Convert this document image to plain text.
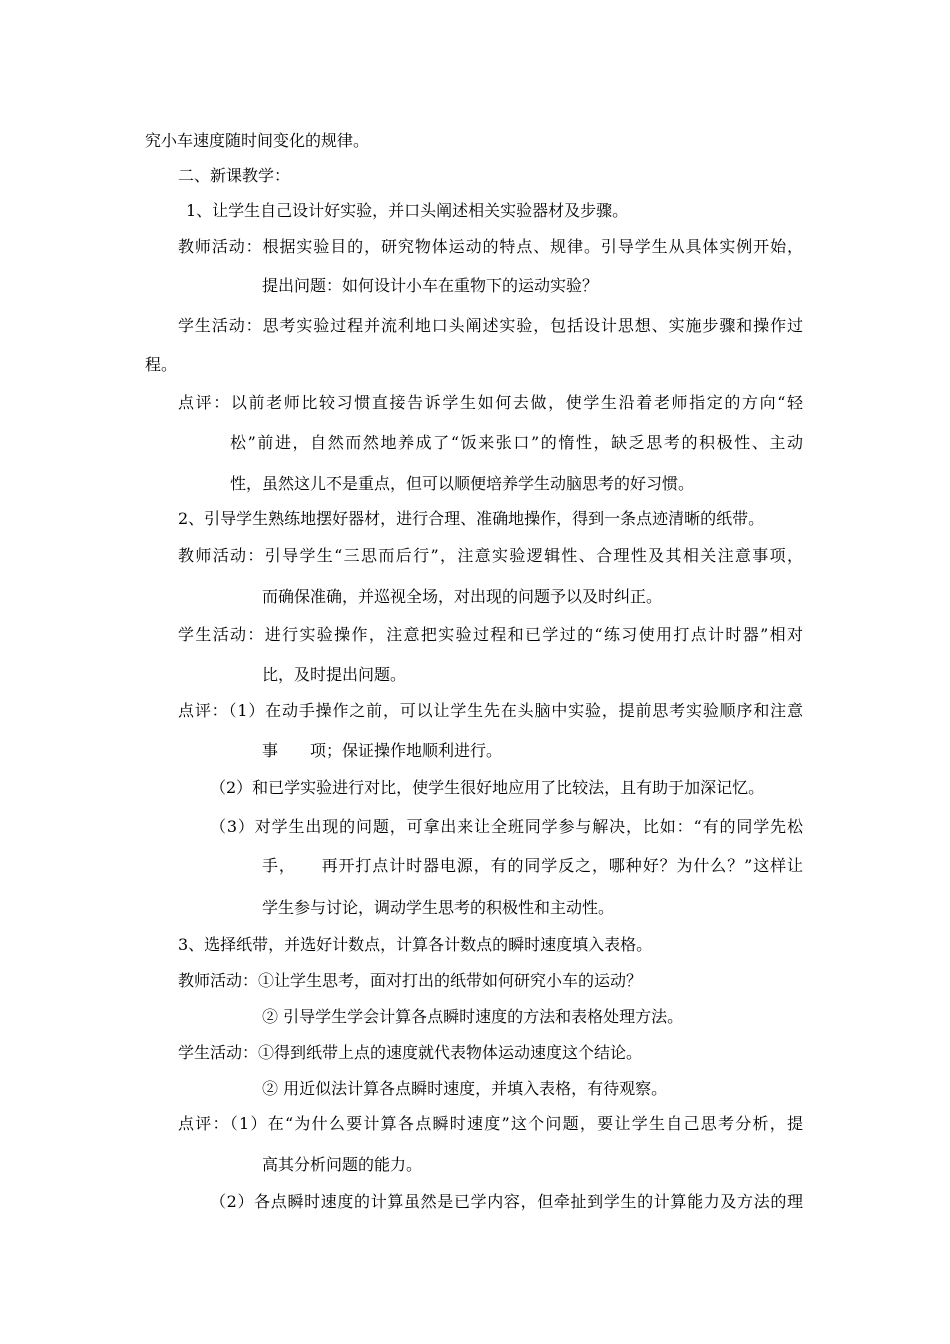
究小车速度随时间变化的规律。
二、新课教学：
1、让学生自己设计好实验，并口头阐述相关实验器材及步骤。
教师活动：根据实验目的，研究物体运动的特点、规律。引导学生从具体实例开始，
提出问题：如何设计小车在重物下的运动实验？
学生活动：思考实验过程并流利地口头阐述实验，包括设计思想、实施步骤和操作过
程。
点评：以前老师比较习惯直接告诉学生如何去做，使学生沿着老师指定的方向“轻
松”前进，自然而然地养成了“饭来张口”的惰性，缺乏思考的积极性、主动
性，虽然这儿不是重点，但可以顺便培养学生动脑思考的好习惯。
2、引导学生熟练地摆好器材，进行合理、准确地操作，得到一条点迹清晰的纸带。
教师活动：引导学生“三思而后行”，注意实验逻辑性、合理性及其相关注意事项，
而确保准确，并巡视全场，对出现的问题予以及时纠正。
学生活动：进行实验操作，注意把实验过程和已学过的“练习使用打点计时器”相对
比，及时提出问题。
点评：（1）在动手操作之前，可以让学生先在头脑中实验，提前思考实验顺序和注意
事　　项；保证操作地顺利进行。
（2）和已学实验进行对比，使学生很好地应用了比较法，且有助于加深记忆。
（3）对学生出现的问题，可拿出来让全班同学参与解决，比如：“有的同学先松
手，　　再开打点计时器电源，有的同学反之，哪种好？为什么？”这样让
学生参与讨论，调动学生思考的积极性和主动性。
3、选择纸带，并选好计数点，计算各计数点的瞬时速度填入表格。
教师活动：①让学生思考，面对打出的纸带如何研究小车的运动？
② 引导学生学会计算各点瞬时速度的方法和表格处理方法。
学生活动：①得到纸带上点的速度就代表物体运动速度这个结论。
② 用近似法计算各点瞬时速度，并填入表格，有待观察。
点评：（1）在“为什么要计算各点瞬时速度”这个问题，要让学生自己思考分析，提
高其分析问题的能力。
（2）各点瞬时速度的计算虽然是已学内容，但牵扯到学生的计算能力及方法的理
